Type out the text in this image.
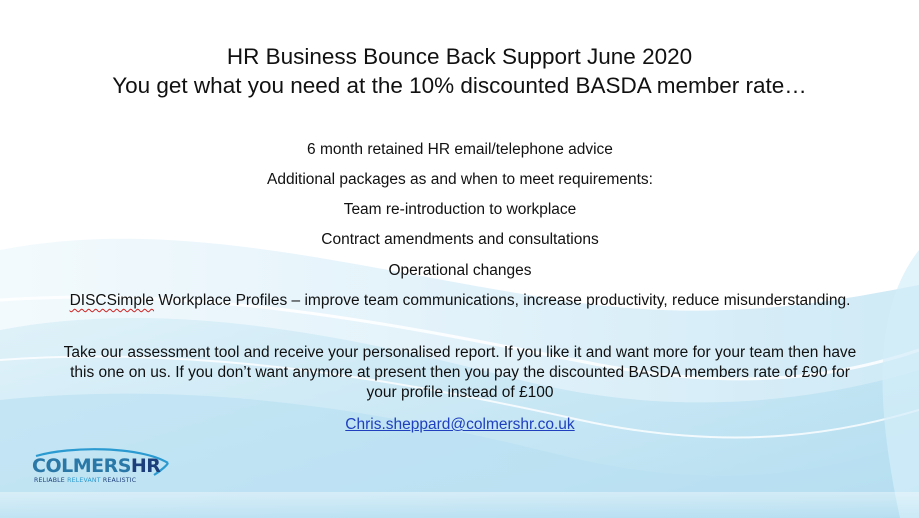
HR Business Bounce Back Support June 2020
You get what you need at the 10% discounted BASDA member rate…
6 month retained HR email/telephone advice
Additional packages as and when to meet requirements:
Team re-introduction to workplace
Contract amendments and consultations
Operational changes
DISCSimple Workplace Profiles – improve team communications, increase productivity, reduce misunderstanding.
Take our assessment tool and receive your personalised report. If you like it and want more for your team then have this one on us. If you don’t want anymore at present then you pay the discounted BASDA members rate of £90 for your profile instead of £100
Chris.sheppard@colmershr.co.uk
COLMERSHR
RELIABLE RELEVANT REALISTIC
